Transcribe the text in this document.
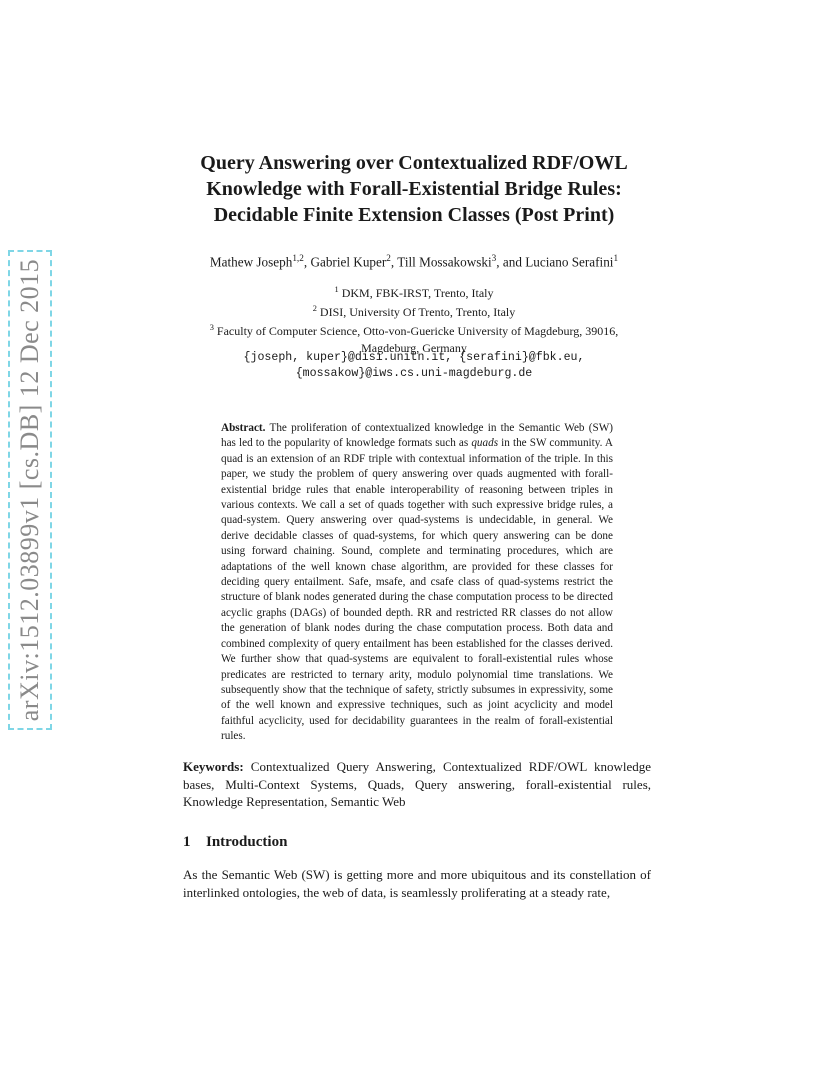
arXiv:1512.03899v1 [cs.DB] 12 Dec 2015
Query Answering over Contextualized RDF/OWL
Knowledge with Forall-Existential Bridge Rules:
Decidable Finite Extension Classes (Post Print)
Mathew Joseph$^{1,2}$, Gabriel Kuper$^2$, Till Mossakowski$^3$, and Luciano Serafini$^1$
$^1$ DKM, FBK-IRST, Trento, Italy
$^2$ DISI, University Of Trento, Trento, Italy
$^3$ Faculty of Computer Science, Otto-von-Guericke University of Magdeburg, 39016, Magdeburg, Germany
{joseph, kuper}@disi.unitn.it, {serafini}@fbk.eu,
{mossakow}@iws.cs.uni-magdeburg.de
Abstract. The proliferation of contextualized knowledge in the Semantic Web (SW) has led to the popularity of knowledge formats such as quads in the SW community. A quad is an extension of an RDF triple with contextual information of the triple. In this paper, we study the problem of query answering over quads augmented with forall-existential bridge rules that enable interoperability of reasoning between triples in various contexts. We call a set of quads together with such expressive bridge rules, a quad-system. Query answering over quad-systems is undecidable, in general. We derive decidable classes of quad-systems, for which query answering can be done using forward chaining. Sound, complete and terminating procedures, which are adaptations of the well known chase algorithm, are provided for these classes for deciding query entailment. Safe, msafe, and csafe class of quad-systems restrict the structure of blank nodes generated during the chase computation process to be directed acyclic graphs (DAGs) of bounded depth. RR and restricted RR classes do not allow the generation of blank nodes during the chase computation process. Both data and combined complexity of query entailment has been established for the classes derived. We further show that quad-systems are equivalent to forall-existential rules whose predicates are restricted to ternary arity, modulo polynomial time translations. We subsequently show that the technique of safety, strictly subsumes in expressivity, some of the well known and expressive techniques, such as joint acyclicity and model faithful acyclicity, used for decidability guarantees in the realm of forall-existential rules.
Keywords: Contextualized Query Answering, Contextualized RDF/OWL knowledge bases, Multi-Context Systems, Quads, Query answering, forall-existential rules, Knowledge Representation, Semantic Web
1 Introduction
As the Semantic Web (SW) is getting more and more ubiquitous and its constellation of interlinked ontologies, the web of data, is seamlessly proliferating at a steady rate,
